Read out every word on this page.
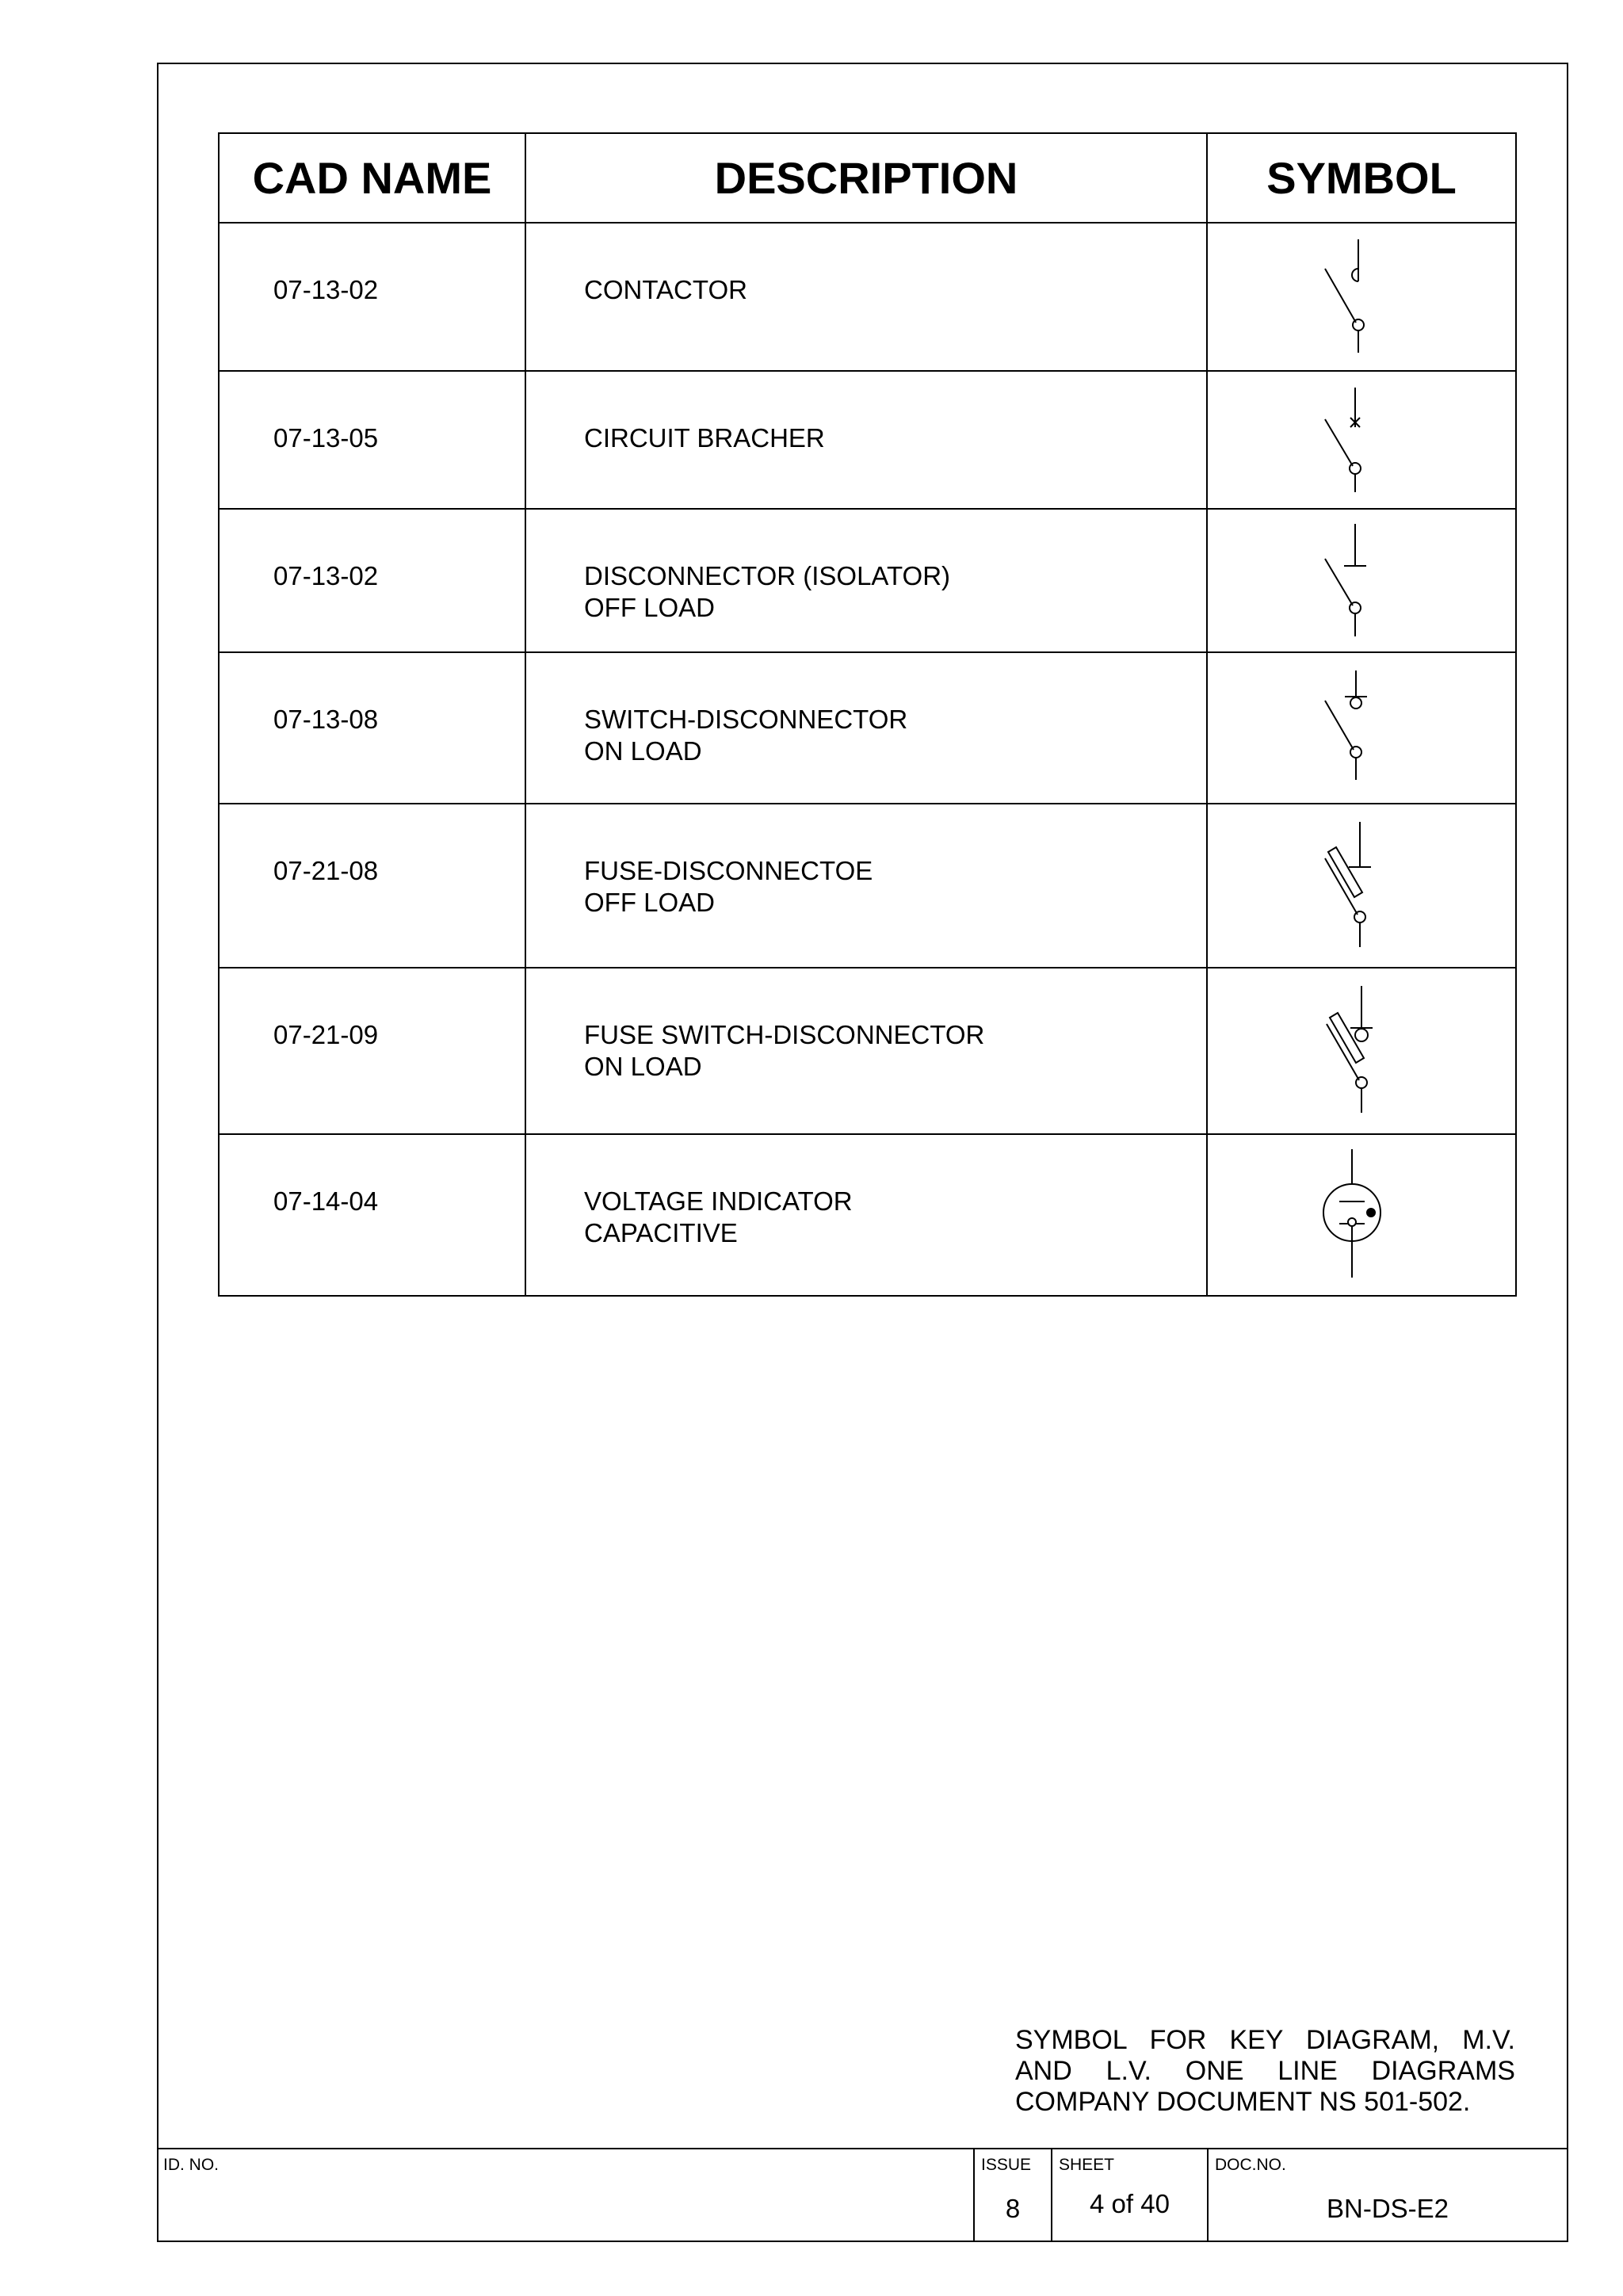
CAD NAME	DESCRIPTION	SYMBOL
07-13-02	CONTACTOR

07-13-05	CIRCUIT BRACHER

07-13-02	DISCONNECTOR (ISOLATOR)
OFF LOAD

07-13-08	SWITCH-DISCONNECTOR
ON LOAD

07-21-08	FUSE-DISCONNECTOE
OFF LOAD

07-21-09	FUSE SWITCH-DISCONNECTOR
ON LOAD

07-14-04	VOLTAGE INDICATOR
CAPACITIVE

SYMBOL FOR KEY DIAGRAM, M.V. AND L.V. ONE LINE DIAGRAMS COMPANY DOCUMENT NS 501-502.
ID. NO.	ISSUE
8
SHEET
4 of 40
DOC.NO.
BN-DS-E2
